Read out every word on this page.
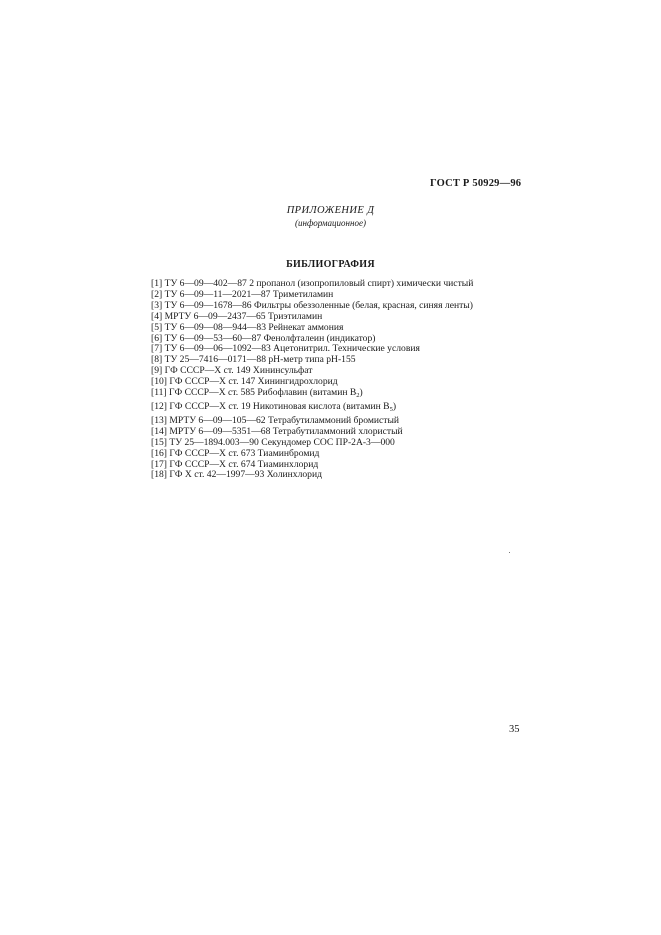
ГОСТ Р 50929—96
ПРИЛОЖЕНИЕ Д
(информационное)
БИБЛИОГРАФИЯ
[1] ТУ 6—09—402—87 2 пропанол (изопропиловый спирт) химически чистый
[2] ТУ 6—09—11—2021—87 Триметиламин
[3] ТУ 6—09—1678—86 Фильтры обеззоленные (белая, красная, синяя ленты)
[4] МРТУ 6—09—2437—65 Триэтиламин
[5] ТУ 6—09—08—944—83 Рейнекат аммония
[6] ТУ 6—09—53—60—87 Фенолфталеин (индикатор)
[7] ТУ 6—09—06—1092—83 Ацетонитрил. Технические условия
[8] ТУ 25—7416—0171—88 pH-метр типа pH-155
[9] ГФ СССР—Х ст. 149 Хининсульфат
[10] ГФ СССР—Х ст. 147 Хинингидрохлорид
[11] ГФ СССР—Х ст. 585 Рибофлавин (витамин $B_2$)
[12] ГФ СССР—Х ст. 19 Никотиновая кислота (витамин $B_5$)
[13] МРТУ 6—09—105—62 Тетрабутиламмоний бромистый
[14] МРТУ 6—09—5351—68 Тетрабутиламмоний хлористый
[15] ТУ 25—1894.003—90 Секундомер СОС ПР-2А-3—000
[16] ГФ СССР—Х ст. 673 Тиаминбромид
[17] ГФ СССР—Х ст. 674 Тиаминхлорид
[18] ГФ X ст. 42—1997—93 Холинхлорид
35
